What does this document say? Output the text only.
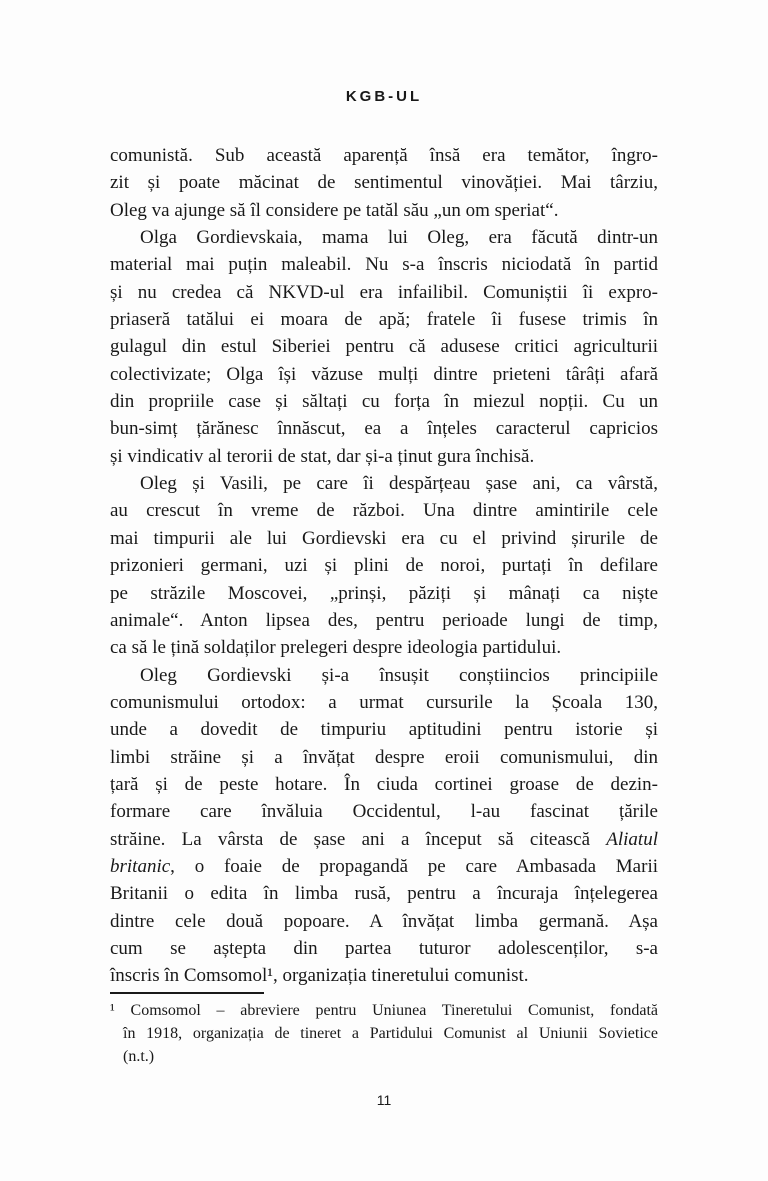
KGB-UL
comunistă. Sub această aparență însă era temător, îngro-
zit și poate măcinat de sentimentul vinovăției. Mai târziu,
Oleg va ajunge să îl considere pe tatăl său „un om speriat“.
Olga Gordievskaia, mama lui Oleg, era făcută dintr-un
material mai puțin maleabil. Nu s-a înscris niciodată în partid
și nu credea că NKVD-ul era infailibil. Comuniștii îi expro-
priaseră tatălui ei moara de apă; fratele îi fusese trimis în
gulagul din estul Siberiei pentru că adusese critici agriculturii
colectivizate; Olga își văzuse mulți dintre prieteni târâți afară
din propriile case și săltați cu forța în miezul nopții. Cu un
bun-simț țărănesc înnăscut, ea a înțeles caracterul capricios
și vindicativ al terorii de stat, dar și-a ținut gura închisă.
Oleg și Vasili, pe care îi despărțeau șase ani, ca vârstă,
au crescut în vreme de război. Una dintre amintirile cele
mai timpurii ale lui Gordievski era cu el privind șirurile de
prizonieri germani, uzi și plini de noroi, purtați în defilare
pe străzile Moscovei, „prinși, păziți și mânați ca niște
animale“. Anton lipsea des, pentru perioade lungi de timp,
ca să le țină soldaților prelegeri despre ideologia partidului.
Oleg Gordievski și-a însușit conștiincios principiile
comunismului ortodox: a urmat cursurile la Școala 130,
unde a dovedit de timpuriu aptitudini pentru istorie și
limbi străine și a învățat despre eroii comunismului, din
țară și de peste hotare. În ciuda cortinei groase de dezin-
formare care învăluia Occidentul, l-au fascinat țările
străine. La vârsta de șase ani a început să citească Aliatul
britanic, o foaie de propagandă pe care Ambasada Marii
Britanii o edita în limba rusă, pentru a încuraja înțelegerea
dintre cele două popoare. A învățat limba germană. Așa
cum se aștepta din partea tuturor adolescenților, s-a
înscris în Comsomol¹, organizația tineretului comunist.
¹ Comsomol – abreviere pentru Uniunea Tineretului Comunist, fondată
în 1918, organizația de tineret a Partidului Comunist al Uniunii Sovietice
(n.t.)
11
